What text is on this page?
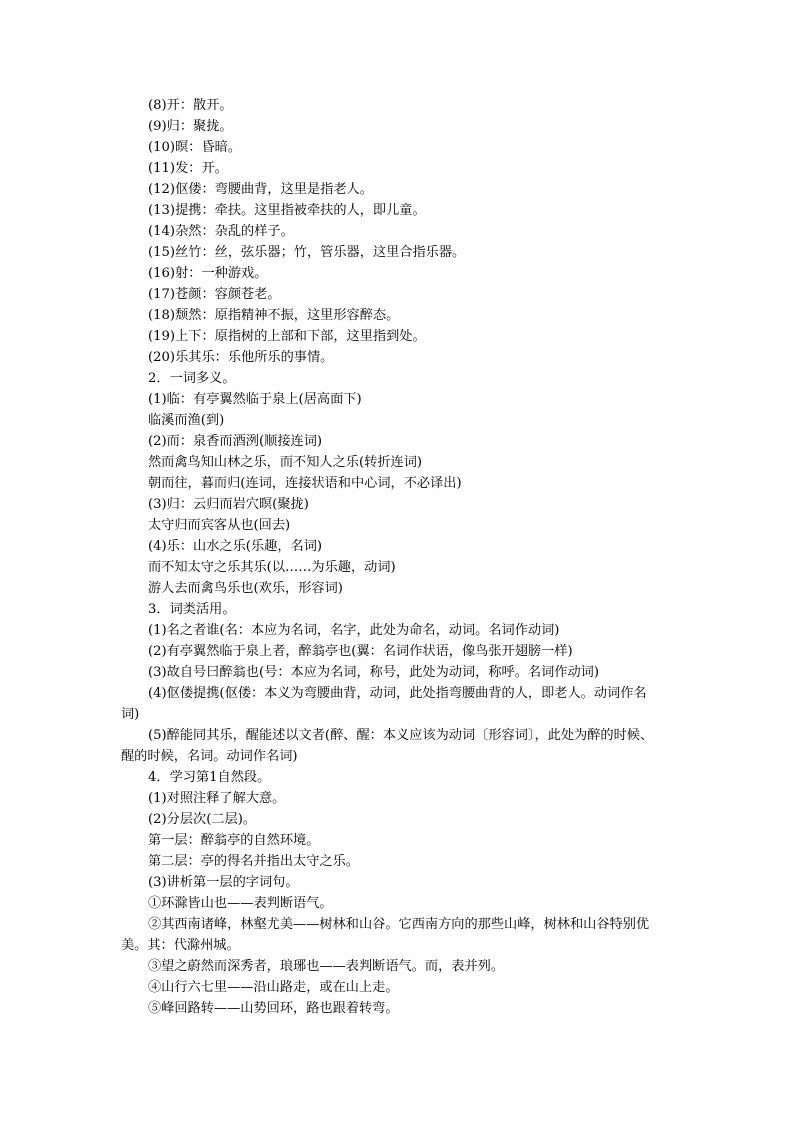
(8)开：散开。
(9)归：聚拢。
(10)暝：昏暗。
(11)发：开。
(12)伛偻：弯腰曲背，这里是指老人。
(13)提携：牵扶。这里指被牵扶的人，即儿童。
(14)杂然：杂乱的样子。
(15)丝竹：丝，弦乐器；竹，管乐器，这里合指乐器。
(16)射：一种游戏。
(17)苍颜：容颜苍老。
(18)颓然：原指精神不振，这里形容醉态。
(19)上下：原指树的上部和下部，这里指到处。
(20)乐其乐：乐他所乐的事情。
2．一词多义。
(1)临：有亭翼然临于泉上(居高面下)
临溪而渔(到)
(2)而：泉香而酒洌(顺接连词)
然而禽鸟知山林之乐，而不知人之乐(转折连词)
朝而往，暮而归(连词，连接状语和中心词，不必译出)
(3)归：云归而岩穴暝(聚拢)
太守归而宾客从也(回去)
(4)乐：山水之乐(乐趣，名词)
而不知太守之乐其乐(以……为乐趣，动词)
游人去而禽鸟乐也(欢乐，形容词)
3．词类活用。
(1)名之者谁(名：本应为名词，名字，此处为命名，动词。名词作动词)
(2)有亭翼然临于泉上者，醉翁亭也(翼：名词作状语，像鸟张开翅膀一样)
(3)故自号曰醉翁也(号：本应为名词，称号，此处为动词，称呼。名词作动词)
(4)伛偻提携(伛偻：本义为弯腰曲背，动词，此处指弯腰曲背的人，即老人。动词作名
词)
(5)醉能同其乐，醒能述以文者(醉、醒：本义应该为动词〔形容词〕，此处为醉的时候、
醒的时候，名词。动词作名词)
4．学习第1自然段。
(1)对照注释了解大意。
(2)分层次(二层)。
第一层：醉翁亭的自然环境。
第二层：亭的得名并指出太守之乐。
(3)讲析第一层的字词句。
①环滁皆山也——表判断语气。
②其西南诸峰，林壑尤美——树林和山谷。它西南方向的那些山峰，树林和山谷特别优
美。其：代滁州城。
③望之蔚然而深秀者，琅琊也——表判断语气。而，表并列。
④山行六七里——沿山路走，或在山上走。
⑤峰回路转——山势回环，路也跟着转弯。
